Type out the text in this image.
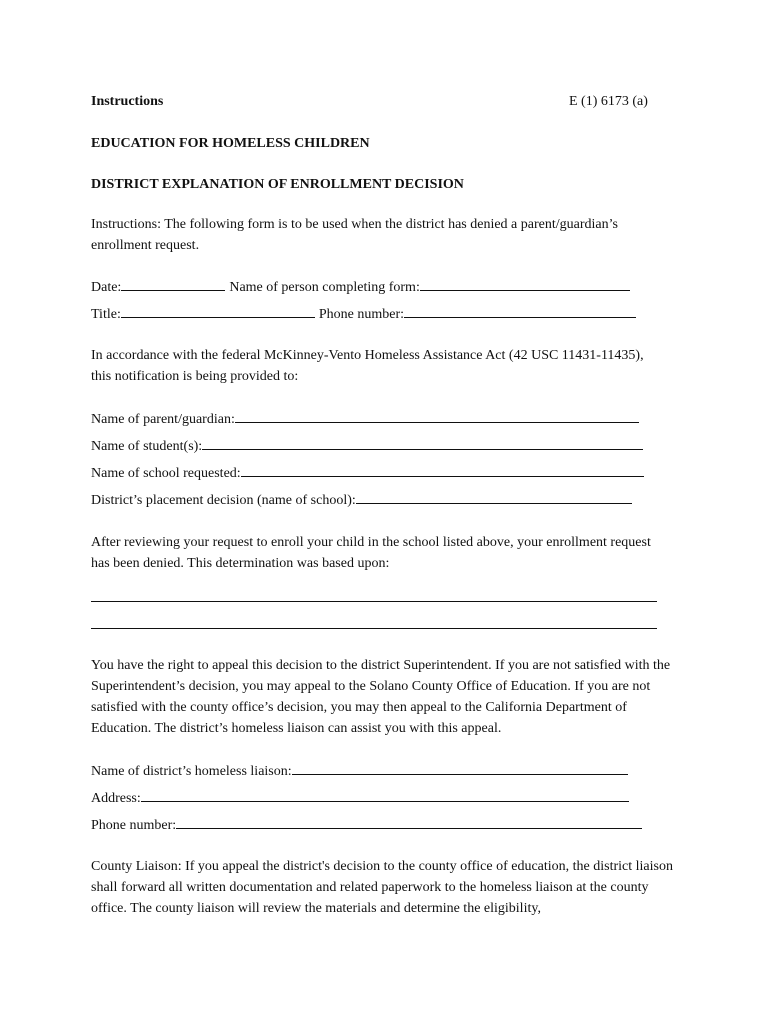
Instructions	E (1) 6173 (a)
EDUCATION FOR HOMELESS CHILDREN
DISTRICT EXPLANATION OF ENROLLMENT DECISION
Instructions: The following form is to be used when the district has denied a parent/guardian’s enrollment request.
Date:	Name of person completing form:
Title:	Phone number:
In accordance with the federal McKinney-Vento Homeless Assistance Act (42 USC 11431-11435), this notification is being provided to:
Name of parent/guardian:
Name of student(s):
Name of school requested:
District’s placement decision (name of school):
After reviewing your request to enroll your child in the school listed above, your enrollment request has been denied. This determination was based upon:
You have the right to appeal this decision to the district Superintendent. If you are not satisfied with the Superintendent’s decision, you may appeal to the Solano County Office of Education. If you are not satisfied with the county office’s decision, you may then appeal to the California Department of Education. The district’s homeless liaison can assist you with this appeal.
Name of district’s homeless liaison:
Address:
Phone number:
County Liaison: If you appeal the district's decision to the county office of education, the district liaison shall forward all written documentation and related paperwork to the homeless liaison at the county office. The county liaison will review the materials and determine the eligibility,
